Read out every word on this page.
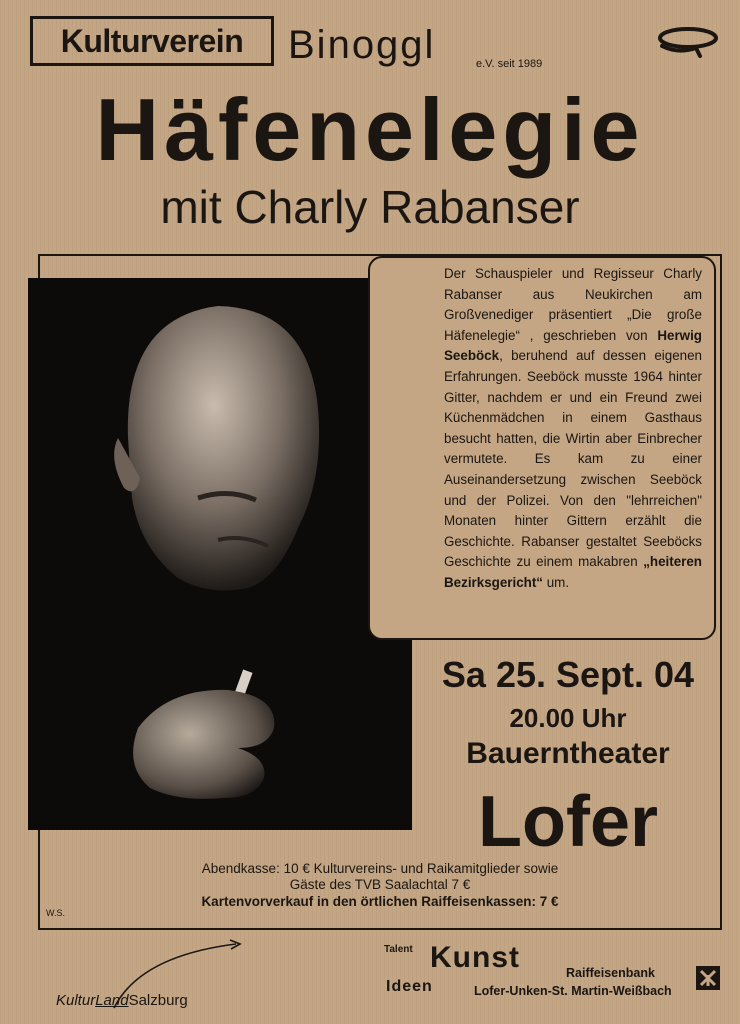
Kulturverein	Binoggl	e.V. seit 1989
Häfenelegie
mit Charly Rabanser
Der Schauspieler und Regisseur Charly Rabanser aus Neukirchen am Großvenediger präsentiert „Die große Häfenelegie“ , geschrieben von Herwig Seeböck, beruhend auf dessen eigenen Erfahrungen. Seeböck musste 1964 hinter Gitter, nachdem er und ein Freund zwei Küchenmädchen in einem Gasthaus besucht hatten, die Wirtin aber Einbrecher vermutete. Es kam zu einer Auseinandersetzung zwischen Seeböck und der Polizei. Von den "lehrreichen" Monaten hinter Gittern erzählt die Geschichte. Rabanser gestaltet Seeböcks Geschichte zu einem makabren „heiteren Bezirksgericht“ um.
Sa 25. Sept. 04
20.00 Uhr
Bauerntheater
Lofer
Abendkasse: 10 € Kulturvereins- und Raikamitglieder sowie
Gäste des TVB Saalachtal 7 €
Kartenvorverkauf in den örtlichen Raiffeisenkassen: 7 €
W.S.
KulturLandSalzburg
Talent Kunst
Ideen
Raiffeisenbank
Lofer-Unken-St. Martin-Weißbach
